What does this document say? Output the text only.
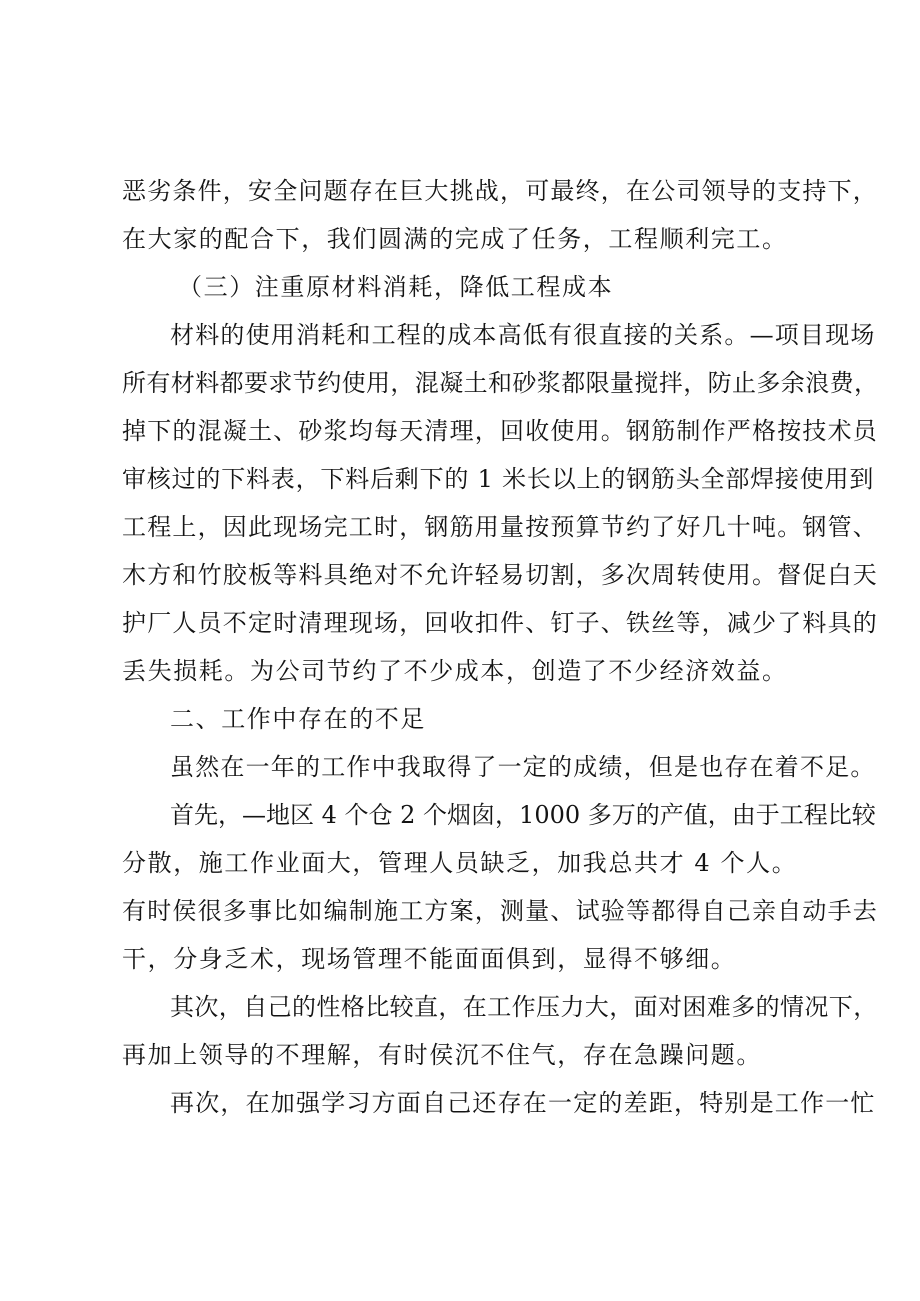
恶劣条件，安全问题存在巨大挑战，可最终，在公司领导的支持下，
在大家的配合下，我们圆满的完成了任务，工程顺利完工。
（三）注重原材料消耗，降低工程成本
材料的使用消耗和工程的成本高低有很直接的关系。—项目现场
所有材料都要求节约使用，混凝土和砂浆都限量搅拌，防止多余浪费，
掉下的混凝土、砂浆均每天清理，回收使用。钢筋制作严格按技术员
审核过的下料表，下料后剩下的 1 米长以上的钢筋头全部焊接使用到
工程上，因此现场完工时，钢筋用量按预算节约了好几十吨。钢管、
木方和竹胶板等料具绝对不允许轻易切割，多次周转使用。督促白天
护厂人员不定时清理现场，回收扣件、钉子、铁丝等，减少了料具的
丢失损耗。为公司节约了不少成本，创造了不少经济效益。
二、工作中存在的不足
虽然在一年的工作中我取得了一定的成绩，但是也存在着不足。
首先，—地区 4 个仓 2 个烟囱，1000 多万的产值，由于工程比较
分散，施工作业面大，管理人员缺乏，加我总共才 4 个人。
有时侯很多事比如编制施工方案，测量、试验等都得自己亲自动手去
干，分身乏术，现场管理不能面面俱到，显得不够细。
其次，自己的性格比较直，在工作压力大，面对困难多的情况下，
再加上领导的不理解，有时侯沉不住气，存在急躁问题。
再次，在加强学习方面自己还存在一定的差距，特别是工作一忙
